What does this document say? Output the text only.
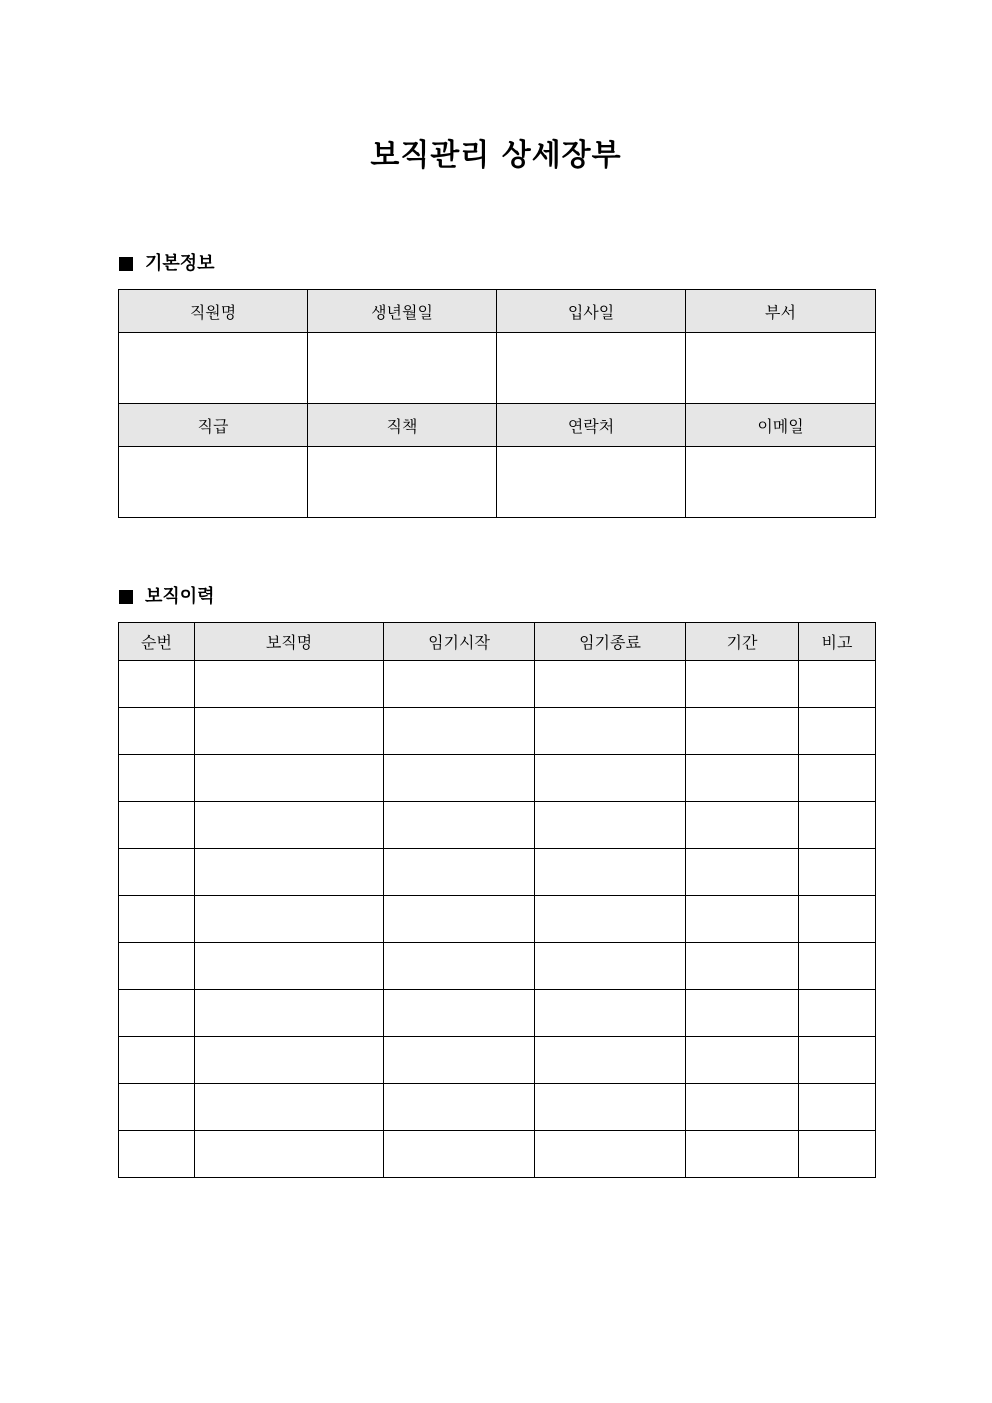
보직관리 상세장부
기본정보
직원명	생년월일	입사일	부서

직급	직책	연락처	이메일

보직이력
순번	보직명	임기시작	임기종료	기간	비고
